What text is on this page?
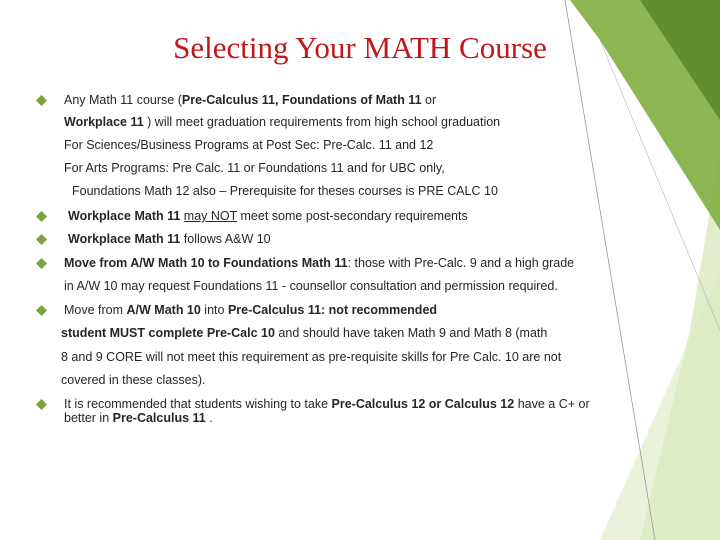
Selecting Your MATH Course
Any Math 11 course (Pre-Calculus 11, Foundations of Math 11 or
Workplace 11 ) will meet graduation requirements from high school graduation
For Sciences/Business Programs at Post Sec: Pre-Calc. 11 and 12
For Arts Programs: Pre Calc. 11 or Foundations 11 and for UBC only,
Foundations Math 12 also – Prerequisite for theses courses is PRE CALC 10
Workplace Math 11 may NOT meet some post-secondary requirements
Workplace Math 11 follows A&W 10
Move from A/W Math 10 to Foundations Math 11: those with Pre-Calc. 9 and a high grade
in A/W 10 may request Foundations 11 - counsellor consultation and permission required.
Move from A/W Math 10 into Pre-Calculus 11: not recommended
student MUST complete Pre-Calc 10 and should have taken Math 9 and Math 8 (math
8 and 9 CORE will not meet this requirement as pre-requisite skills for Pre Calc. 10 are not
covered in these classes).
It is recommended that students wishing to take Pre-Calculus 12 or Calculus 12 have a C+ or
better in Pre-Calculus 11 .
